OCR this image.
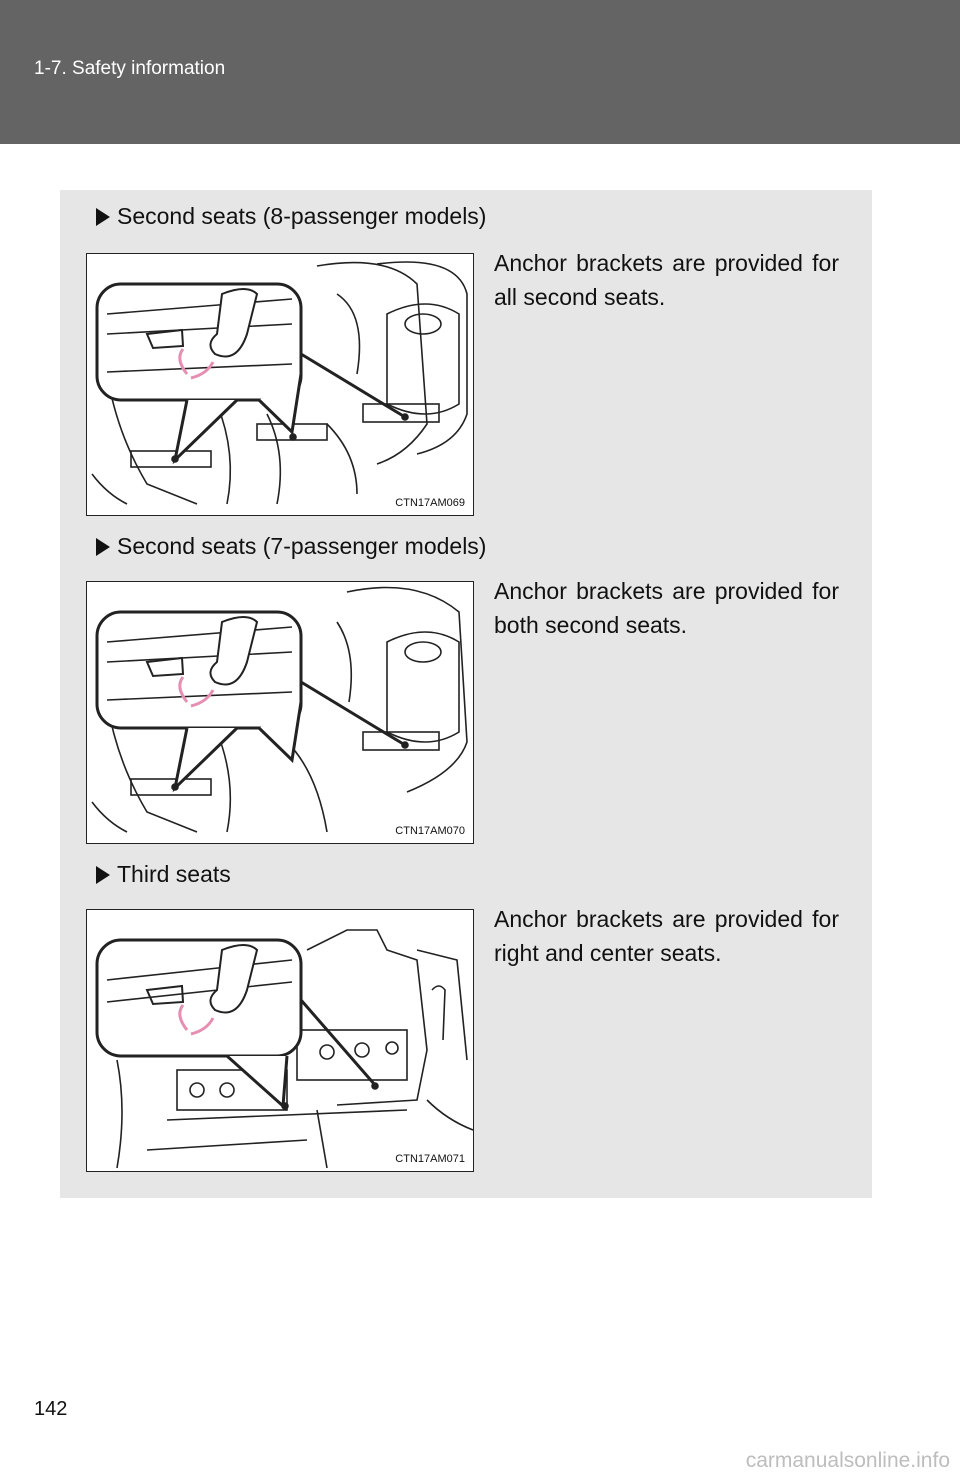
1-7. Safety information
Second seats (8-passenger models)
CTN17AM069
Anchor brackets are provided for all second seats.
Second seats (7-passenger models)
CTN17AM070
Anchor brackets are provided for both second seats.
Third seats
CTN17AM071
Anchor brackets are provided for right and center seats.
142
carmanualsonline.info
